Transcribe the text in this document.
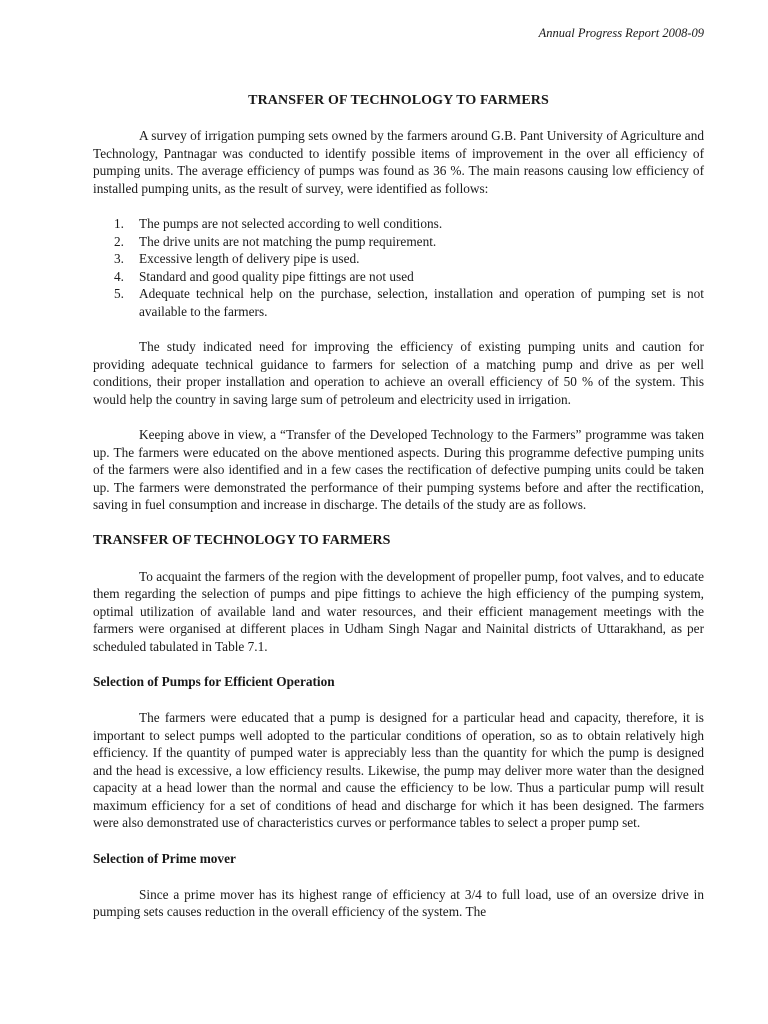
Annual Progress Report 2008-09
TRANSFER OF TECHNOLOGY TO FARMERS

A survey of irrigation pumping sets owned by the farmers around G.B. Pant University of Agriculture and Technology, Pantnagar was conducted to identify possible items of improvement in the over all efficiency of pumping units. The average efficiency of pumps was found as 36 %. The main reasons causing low efficiency of installed pumping units, as the result of survey, were identified as follows:

1. The pumps are not selected according to well conditions.
2. The drive units are not matching the pump requirement.
3. Excessive length of delivery pipe is used.
4. Standard and good quality pipe fittings are not used
5. Adequate technical help on the purchase, selection, installation and operation of pumping set is not available to the farmers.

The study indicated need for improving the efficiency of existing pumping units and caution for providing adequate technical guidance to farmers for selection of a matching pump and drive as per well conditions, their proper installation and operation to achieve an overall efficiency of 50 % of the system. This would help the country in saving large sum of petroleum and electricity used in irrigation.

Keeping above in view, a “Transfer of the Developed Technology to the Farmers” programme was taken up. The farmers were educated on the above mentioned aspects. During this programme defective pumping units of the farmers were also identified and in a few cases the rectification of defective pumping units could be taken up. The farmers were demonstrated the performance of their pumping systems before and after the rectification, saving in fuel consumption and increase in discharge. The details of the study are as follows.

TRANSFER OF TECHNOLOGY TO FARMERS

To acquaint the farmers of the region with the development of propeller pump, foot valves, and to educate them regarding the selection of pumps and pipe fittings to achieve the high efficiency of the pumping system, optimal utilization of available land and water resources, and their efficient management meetings with the farmers were organised at different places in Udham Singh Nagar and Nainital districts of Uttarakhand, as per scheduled tabulated in Table 7.1.

Selection of Pumps for Efficient Operation

The farmers were educated that a pump is designed for a particular head and capacity, therefore, it is important to select pumps well adopted to the particular conditions of operation, so as to obtain relatively high efficiency. If the quantity of pumped water is appreciably less than the quantity for which the pump is designed and the head is excessive, a low efficiency results. Likewise, the pump may deliver more water than the designed capacity at a head lower than the normal and cause the efficiency to be low. Thus a particular pump will result maximum efficiency for a set of conditions of head and discharge for which it has been designed. The farmers were also demonstrated use of characteristics curves or performance tables to select a proper pump set.

Selection of Prime mover

Since a prime mover has its highest range of efficiency at 3/4 to full load, use of an oversize drive in pumping sets causes reduction in the overall efficiency of the system. The
